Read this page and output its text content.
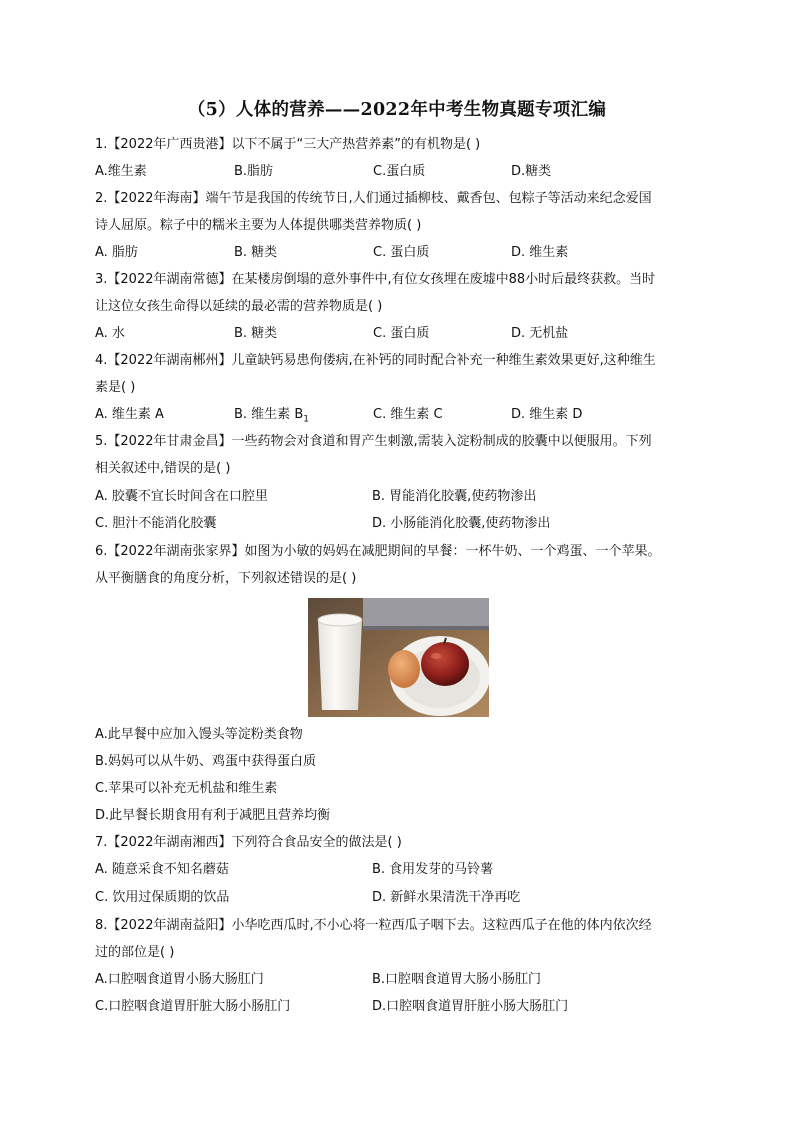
（5）人体的营养——2022年中考生物真题专项汇编
1.【2022年广西贵港】以下不属于“三大产热营养素”的有机物是( )
A.维生素	B.脂肪	C.蛋白质	D.糖类
2.【2022年海南】端午节是我国的传统节日,人们通过插柳枝、戴香包、包粽子等活动来纪念爱国
诗人屈原。粽子中的糯米主要为人体提供哪类营养物质( )
A. 脂肪	B. 糖类	C. 蛋白质	D. 维生素
3.【2022年湖南常德】在某楼房倒塌的意外事件中,有位女孩埋在废墟中88小时后最终获救。当时
让这位女孩生命得以延续的最必需的营养物质是( )
A. 水	B. 糖类	C. 蛋白质	D. 无机盐
4.【2022年湖南郴州】儿童缺钙易患佝偻病,在补钙的同时配合补充一种维生素效果更好,这种维生
素是( )
A. 维生素 A	B. 维生素 $B_1$	C. 维生素 C	D. 维生素 D
5.【2022年甘肃金昌】一些药物会对食道和胃产生刺激,需装入淀粉制成的胶囊中以便服用。下列
相关叙述中,错误的是( )
A. 胶囊不宜长时间含在口腔里	B. 胃能消化胶囊,使药物渗出
C. 胆汁不能消化胶囊	D. 小肠能消化胶囊,使药物渗出
6.【2022年湖南张家界】如图为小敏的妈妈在减肥期间的早餐：一杯牛奶、一个鸡蛋、一个苹果。
从平衡膳食的角度分析，下列叙述错误的是( )
A.此早餐中应加入馒头等淀粉类食物
B.妈妈可以从牛奶、鸡蛋中获得蛋白质
C.苹果可以补充无机盐和维生素
D.此早餐长期食用有利于减肥且营养均衡
7.【2022年湖南湘西】下列符合食品安全的做法是( )
A. 随意采食不知名蘑菇	B. 食用发芽的马铃薯
C. 饮用过保质期的饮品	D. 新鲜水果清洗干净再吃
8.【2022年湖南益阳】小华吃西瓜时,不小心将一粒西瓜子咽下去。这粒西瓜子在他的体内依次经
过的部位是( )
A.口腔咽食道胃小肠大肠肛门	B.口腔咽食道胃大肠小肠肛门
C.口腔咽食道胃肝脏大肠小肠肛门	D.口腔咽食道胃肝脏小肠大肠肛门
